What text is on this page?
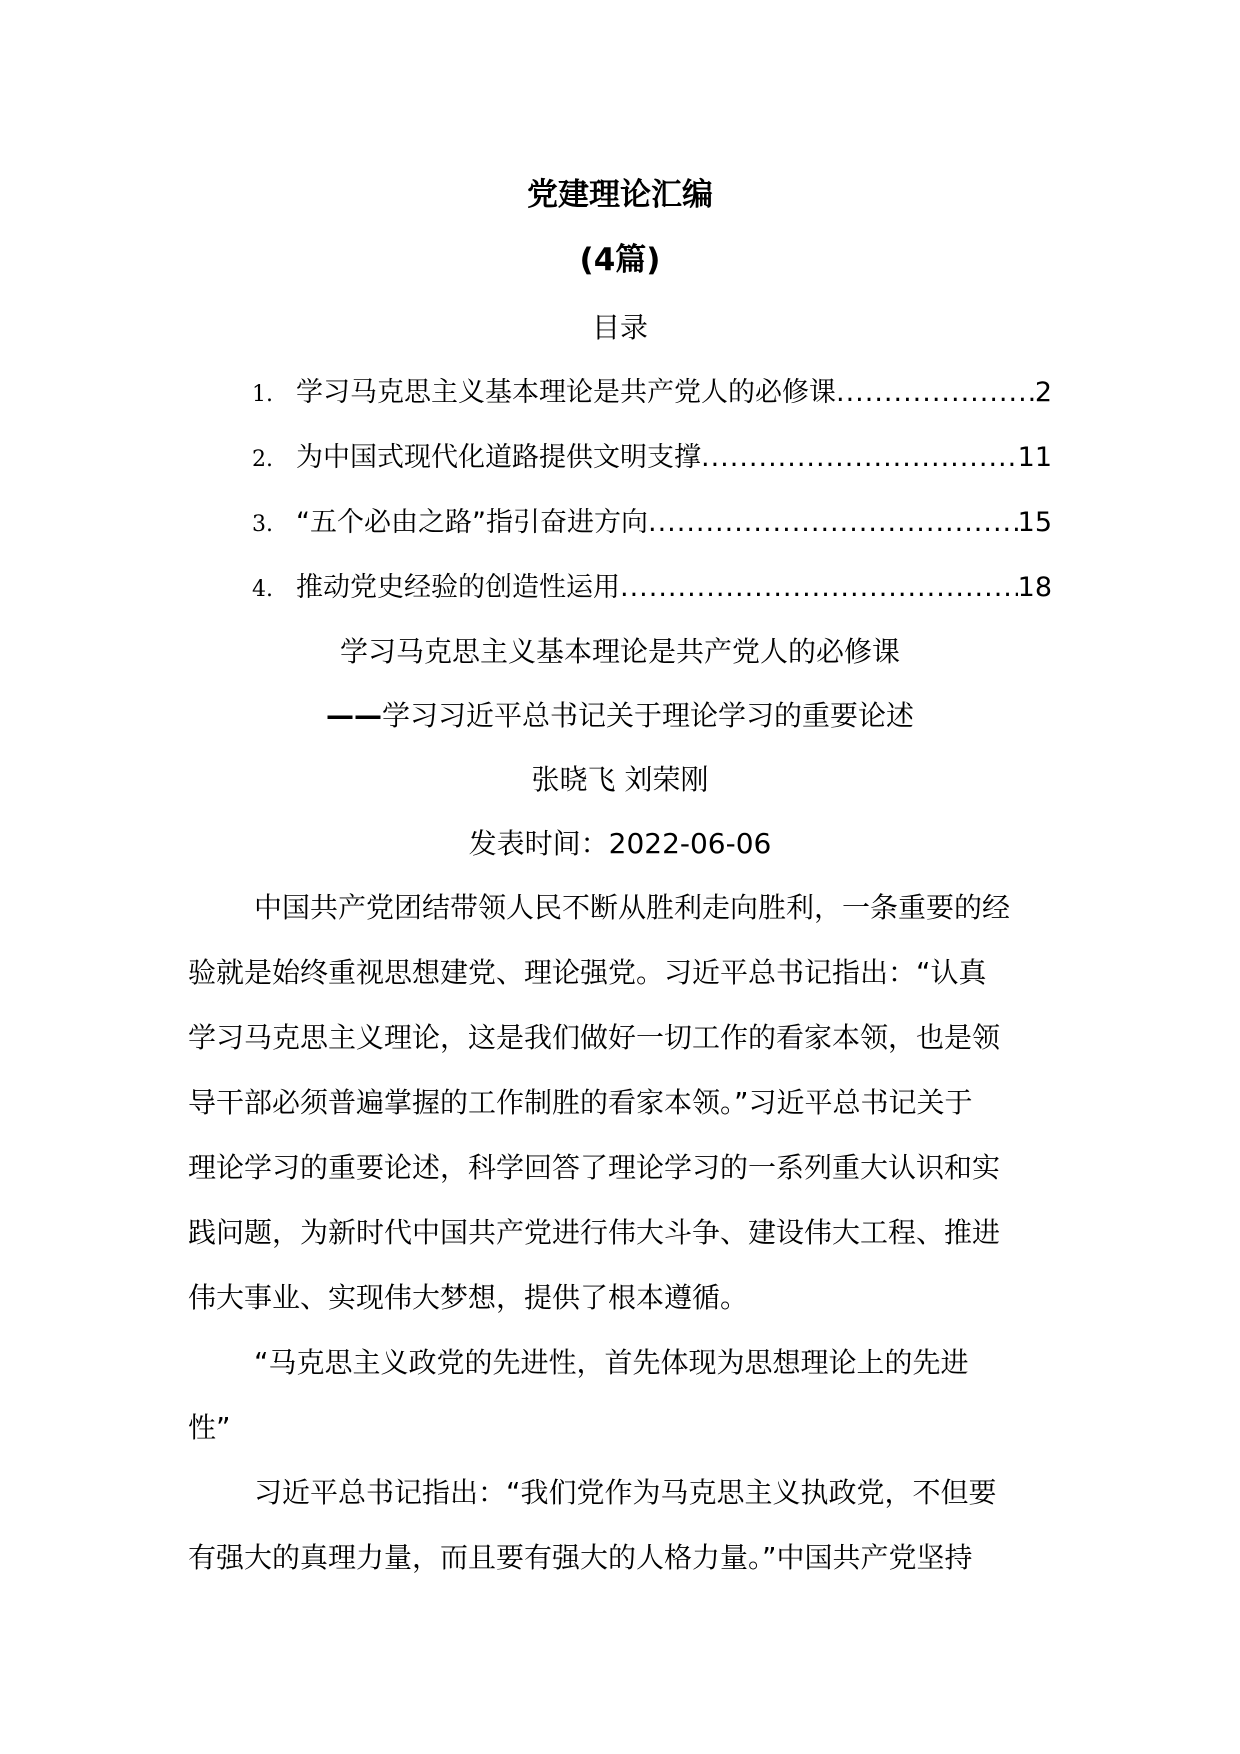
党建理论汇编
(4篇)
目录
1. 学习马克思主义基本理论是共产党人的必修课 .....	2
2. 为中国式现代化道路提供文明支撑 .....	11
3. “五个必由之路”指引奋进方向 .....	15
4. 推动党史经验的创造性运用 .....	18
学习马克思主义基本理论是共产党人的必修课
——学习习近平总书记关于理论学习的重要论述
张晓飞 刘荣刚
发表时间：2022-06-06
中国共产党团结带领人民不断从胜利走向胜利，一条重要的经
验就是始终重视思想建党、理论强党。习近平总书记指出：“认真
学习马克思主义理论，这是我们做好一切工作的看家本领，也是领
导干部必须普遍掌握的工作制胜的看家本领。”习近平总书记关于
理论学习的重要论述，科学回答了理论学习的一系列重大认识和实
践问题，为新时代中国共产党进行伟大斗争、建设伟大工程、推进
伟大事业、实现伟大梦想，提供了根本遵循。
“马克思主义政党的先进性，首先体现为思想理论上的先进
性”
习近平总书记指出：“我们党作为马克思主义执政党，不但要
有强大的真理力量，而且要有强大的人格力量。”中国共产党坚持
